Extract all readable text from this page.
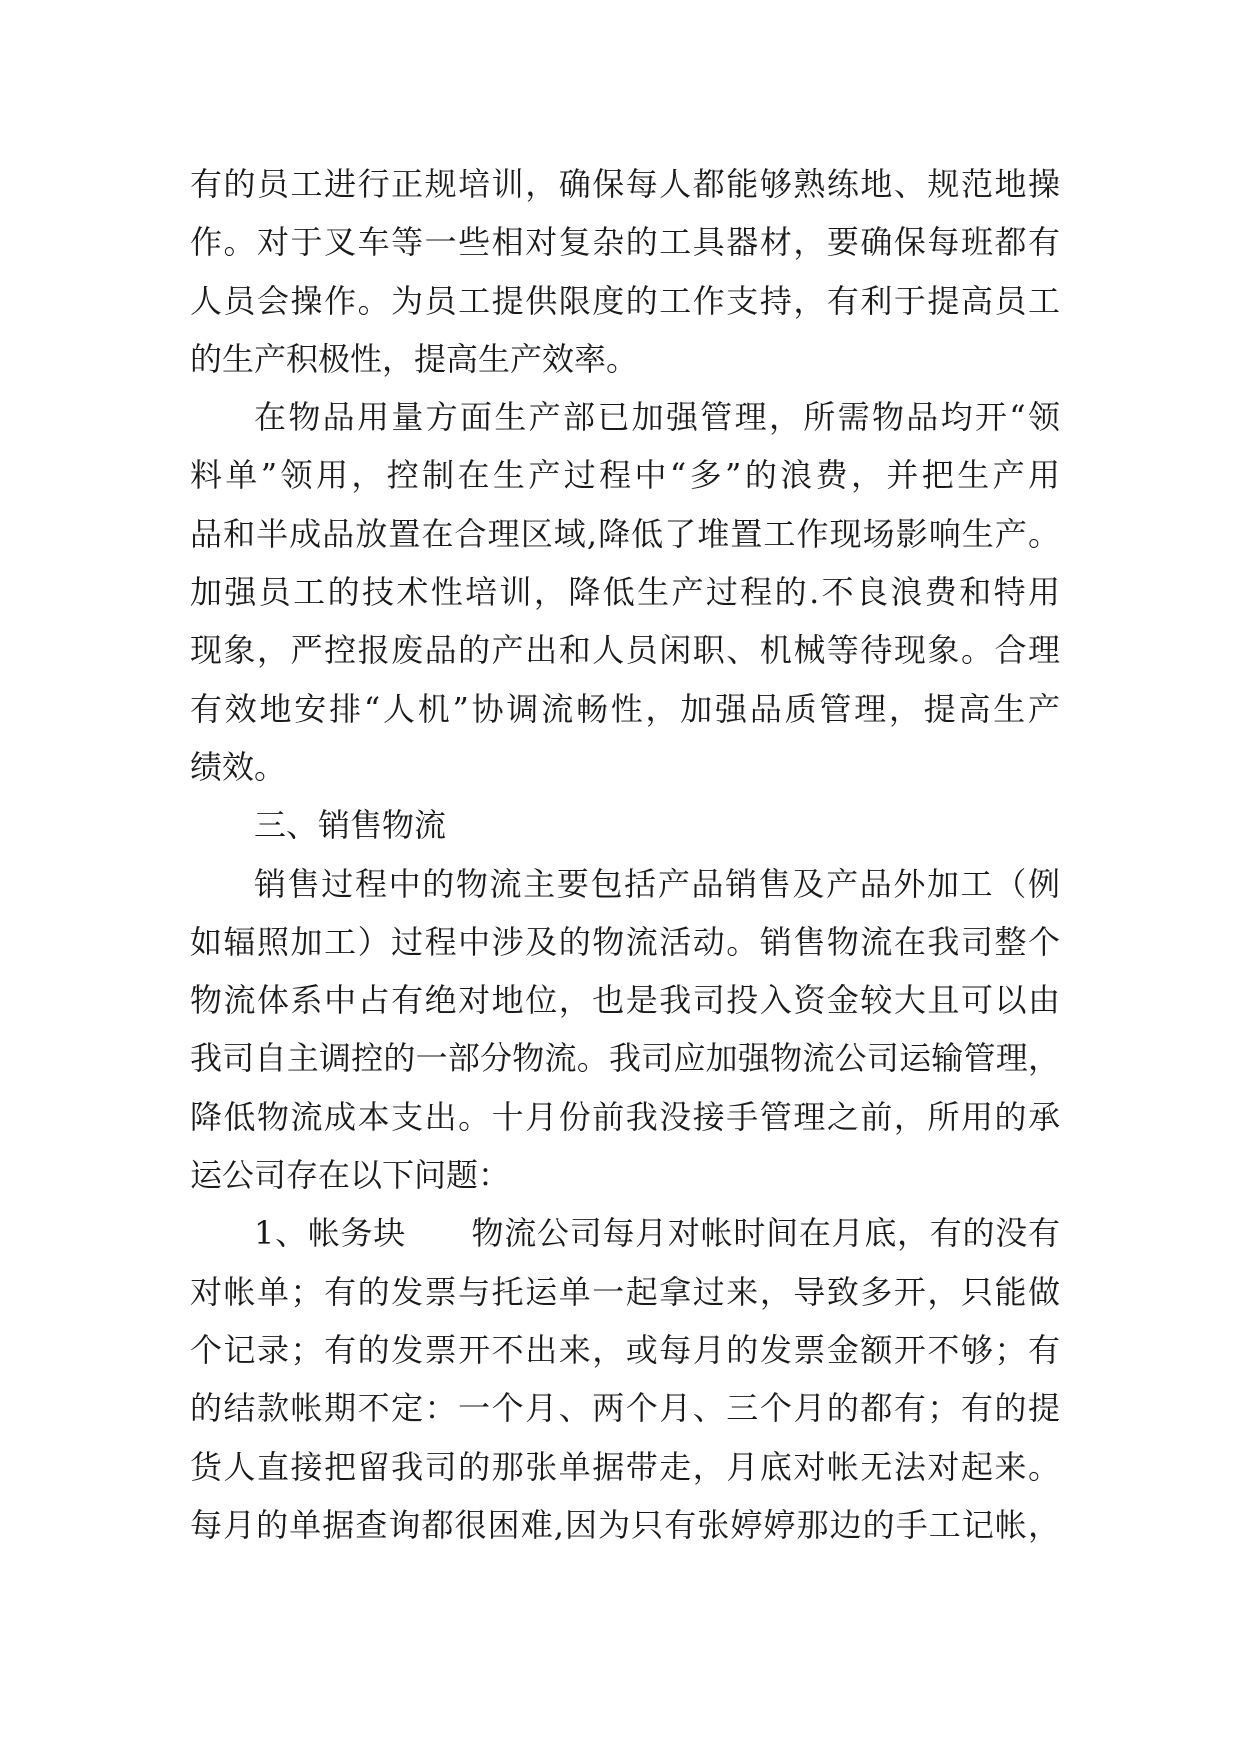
有的员工进行正规培训，确保每人都能够熟练地、规范地操
作。对于叉车等一些相对复杂的工具器材，要确保每班都有
人员会操作。为员工提供限度的工作支持，有利于提高员工
的生产积极性，提高生产效率。
在物品用量方面生产部已加强管理，所需物品均开“领
料单”领用，控制在生产过程中“多”的浪费，并把生产用
品和半成品放置在合理区域,降低了堆置工作现场影响生产。
加强员工的技术性培训，降低生产过程的.不良浪费和特用
现象，严控报废品的产出和人员闲职、机械等待现象。合理
有效地安排“人机”协调流畅性，加强品质管理，提高生产
绩效。
三、销售物流
销售过程中的物流主要包括产品销售及产品外加工（例
如辐照加工）过程中涉及的物流活动。销售物流在我司整个
物流体系中占有绝对地位，也是我司投入资金较大且可以由
我司自主调控的一部分物流。我司应加强物流公司运输管理，
降低物流成本支出。十月份前我没接手管理之前，所用的承
运公司存在以下问题：
1、帐务块　　物流公司每月对帐时间在月底，有的没有
对帐单；有的发票与托运单一起拿过来，导致多开，只能做
个记录；有的发票开不出来，或每月的发票金额开不够；有
的结款帐期不定：一个月、两个月、三个月的都有；有的提
货人直接把留我司的那张单据带走，月底对帐无法对起来。
每月的单据查询都很困难,因为只有张婷婷那边的手工记帐，
